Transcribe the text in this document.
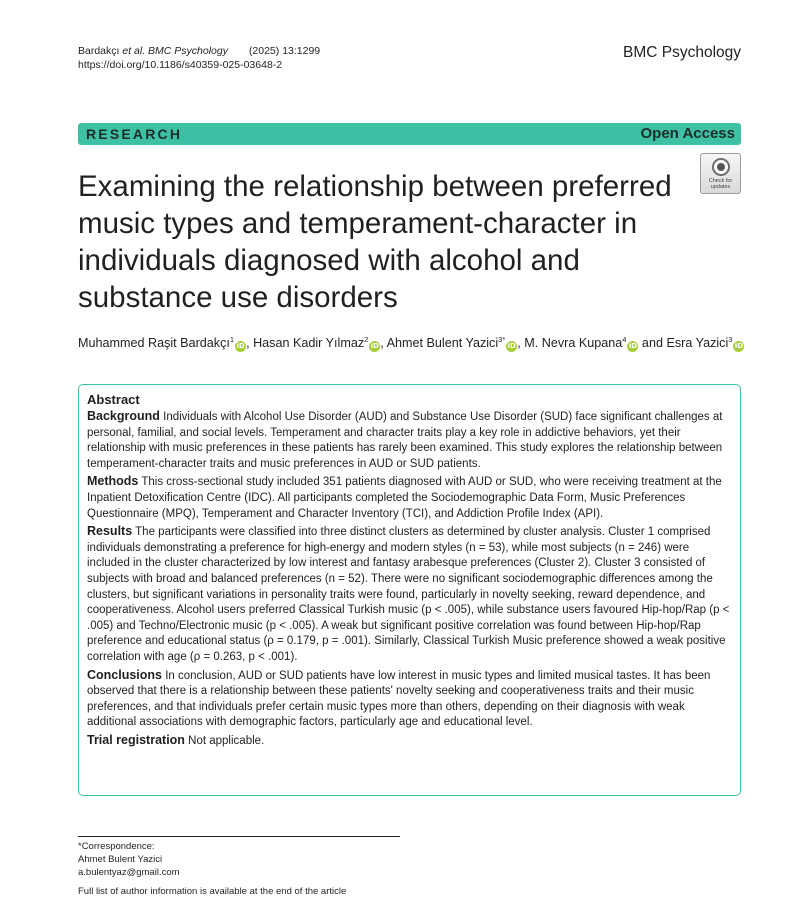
Bardakçı et al. BMC Psychology (2025) 13:1299
https://doi.org/10.1186/s40359-025-03648-2
BMC Psychology
RESEARCH	Open Access
Check for
updates
Examining the relationship between preferred music types and temperament-character in individuals diagnosed with alcohol and substance use disorders
Muhammed Raşit Bardakçı$^1$iD, Hasan Kadir Yılmaz$^2$iD, Ahmet Bulent Yazici$^{3*}$iD, M. Nevra Kupana$^4$iD and Esra Yazici$^3$iD
Abstract

Background Individuals with Alcohol Use Disorder (AUD) and Substance Use Disorder (SUD) face significant challenges at personal, familial, and social levels. Temperament and character traits play a key role in addictive behaviors, yet their relationship with music preferences in these patients has rarely been examined. This study explores the relationship between temperament-character traits and music preferences in AUD or SUD patients.

Methods This cross-sectional study included 351 patients diagnosed with AUD or SUD, who were receiving treatment at the Inpatient Detoxification Centre (IDC). All participants completed the Sociodemographic Data Form, Music Preferences Questionnaire (MPQ), Temperament and Character Inventory (TCI), and Addiction Profile Index (API).

Results The participants were classified into three distinct clusters as determined by cluster analysis. Cluster 1 comprised individuals demonstrating a preference for high-energy and modern styles (n = 53), while most subjects (n = 246) were included in the cluster characterized by low interest and fantasy arabesque preferences (Cluster 2). Cluster 3 consisted of subjects with broad and balanced preferences (n = 52). There were no significant sociodemographic differences among the clusters, but significant variations in personality traits were found, particularly in novelty seeking, reward dependence, and cooperativeness. Alcohol users preferred Classical Turkish music (p < .005), while substance users favoured Hip-hop/Rap (p < .005) and Techno/Electronic music (p < .005). A weak but significant positive correlation was found between Hip-hop/Rap preference and educational status (ρ = 0.179, p = .001). Similarly, Classical Turkish Music preference showed a weak positive correlation with age (ρ = 0.263, p < .001).

Conclusions In conclusion, AUD or SUD patients have low interest in music types and limited musical tastes. It has been observed that there is a relationship between these patients' novelty seeking and cooperativeness traits and their music preferences, and that individuals prefer certain music types more than others, depending on their diagnosis with weak additional associations with demographic factors, particularly age and educational level.

Trial registration Not applicable.

*Correspondence:
Ahmet Bulent Yazici
a.bulentyaz@gmail.com
Full list of author information is available at the end of the article
